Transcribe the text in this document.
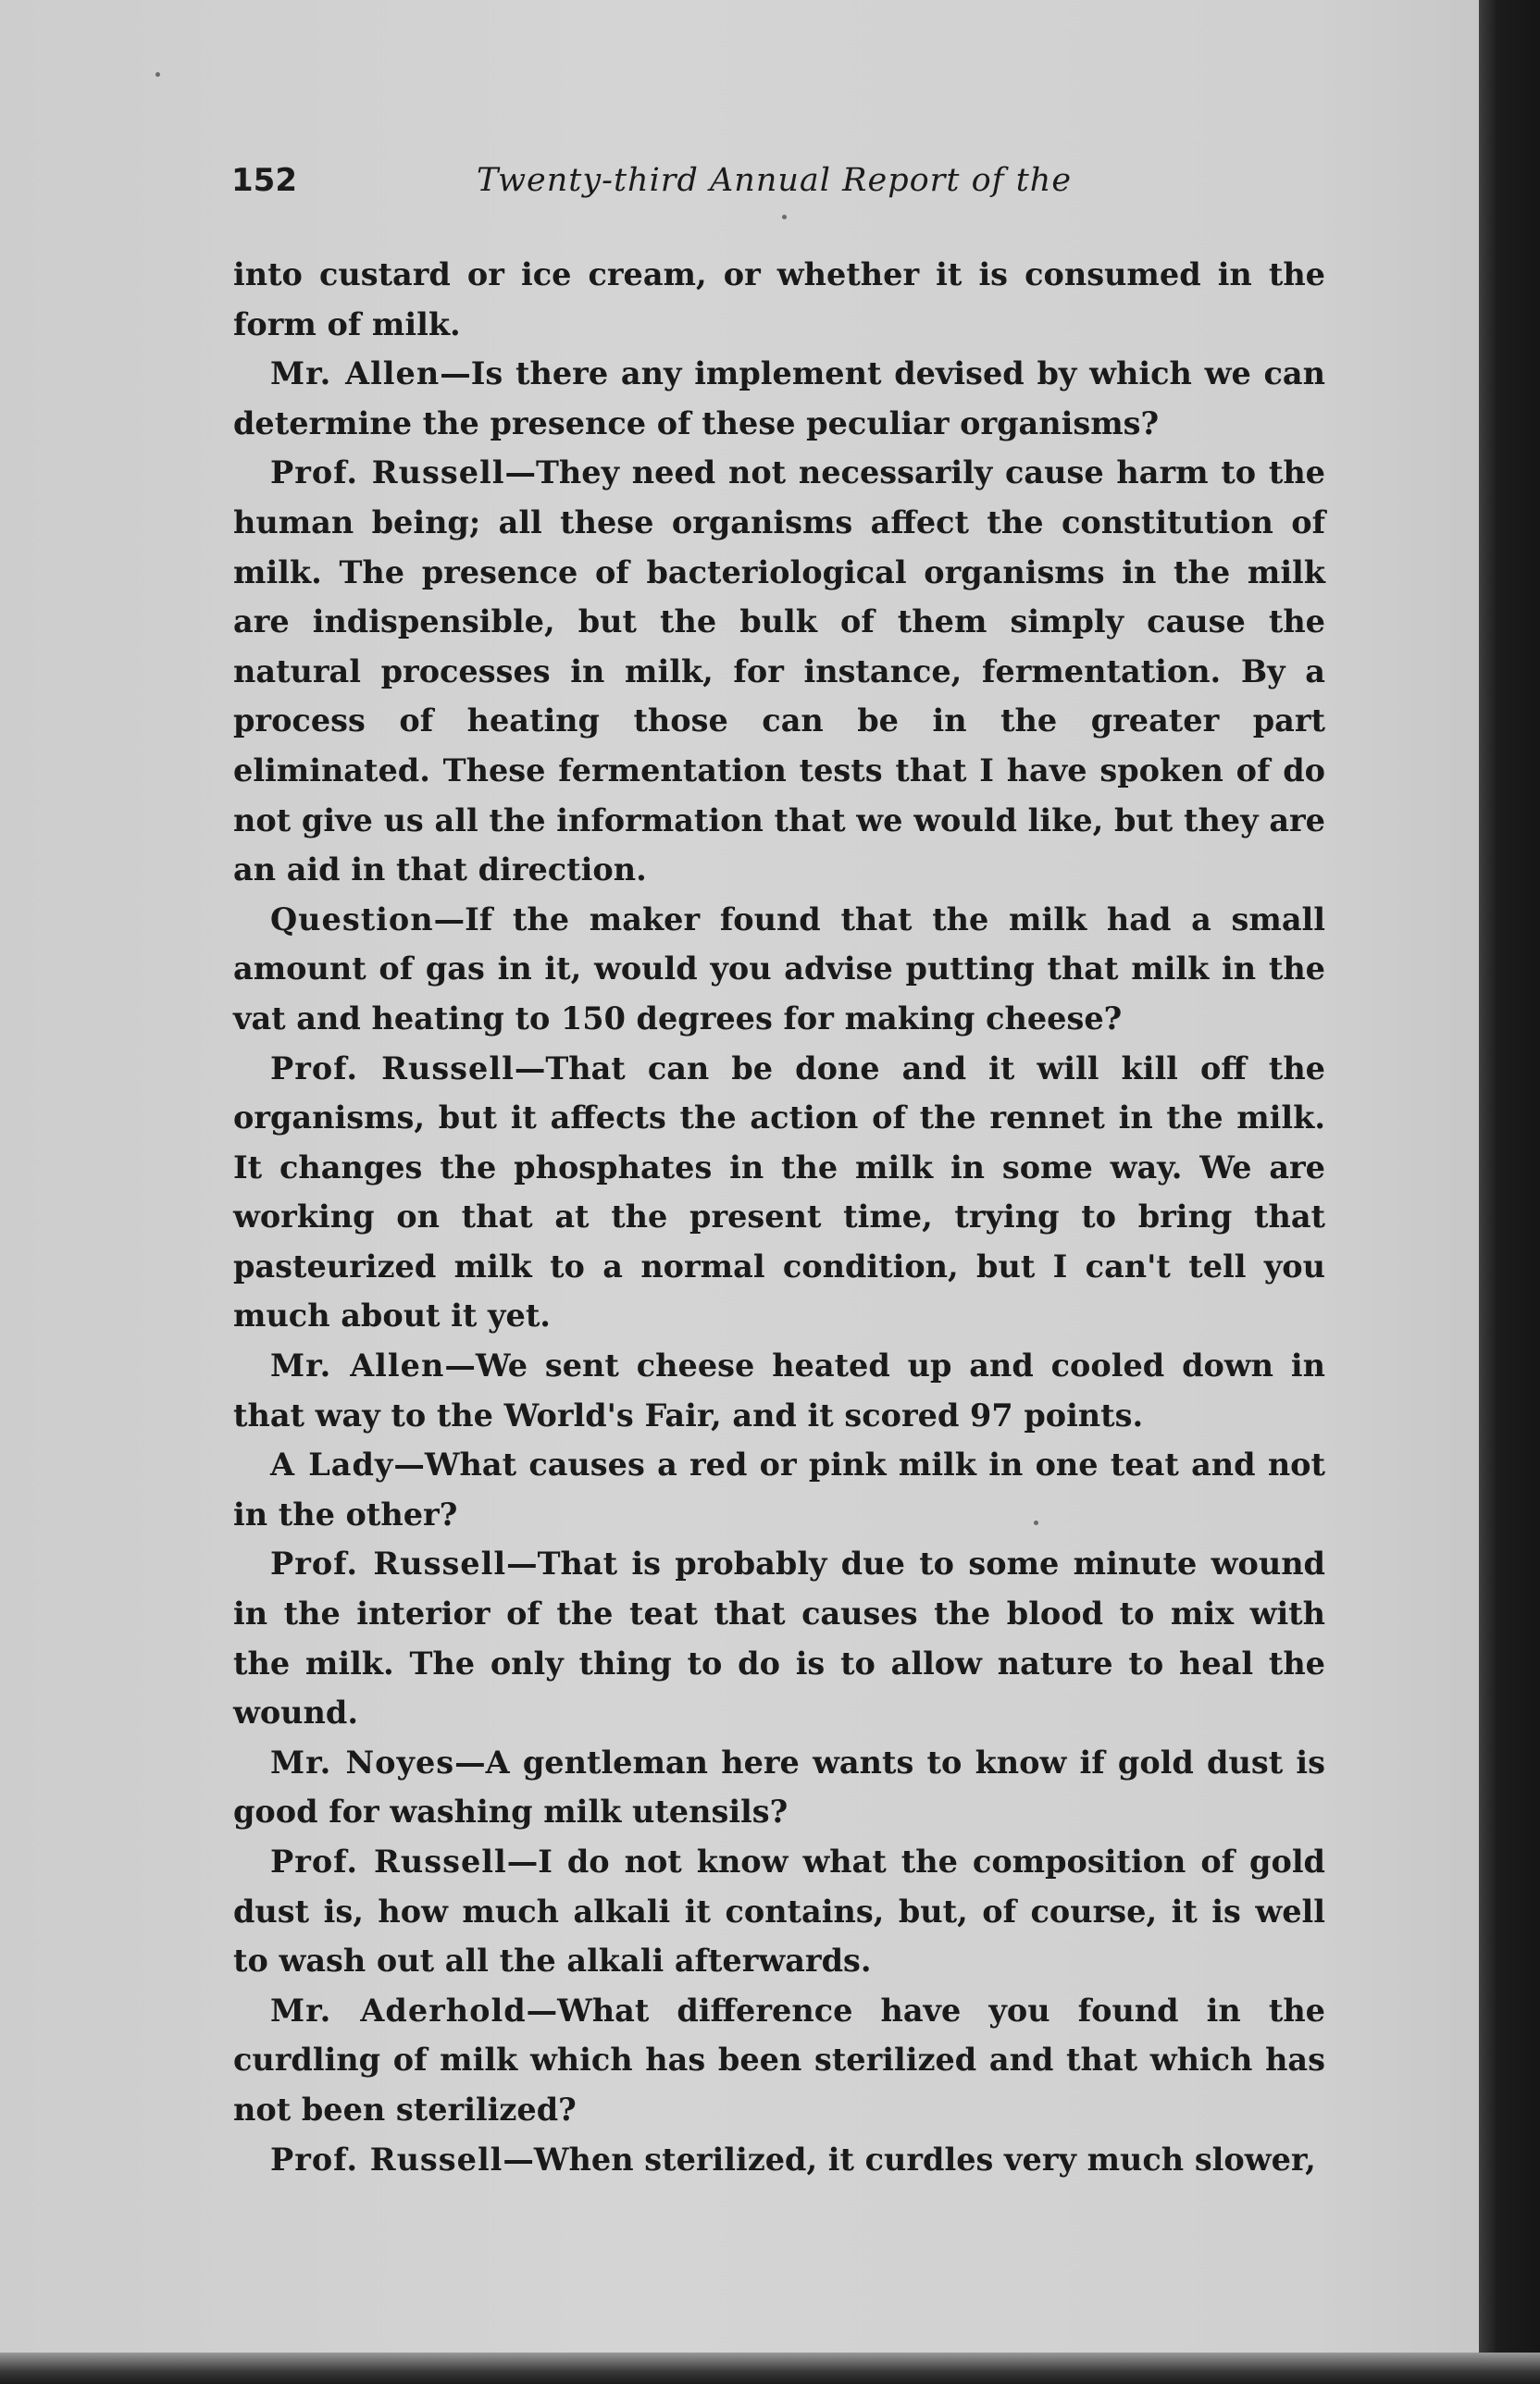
152	Twenty-third Annual Report of the

into custard or ice cream, or whether it is consumed in the form of milk.

Mr. Allen—Is there any implement devised by which we can determine the presence of these peculiar organisms?

Prof. Russell—They need not necessarily cause harm to the human being; all these organisms affect the constitution of milk. The presence of bacteriological organisms in the milk are indispensible, but the bulk of them simply cause the natural processes in milk, for instance, fermentation. By a process of heating those can be in the greater part eliminated. These fermentation tests that I have spoken of do not give us all the information that we would like, but they are an aid in that direction.

Question—If the maker found that the milk had a small amount of gas in it, would you advise putting that milk in the vat and heating to 150 degrees for making cheese?

Prof. Russell—That can be done and it will kill off the organisms, but it affects the action of the rennet in the milk. It changes the phosphates in the milk in some way. We are working on that at the present time, trying to bring that pasteurized milk to a normal condition, but I can't tell you much about it yet.

Mr. Allen—We sent cheese heated up and cooled down in that way to the World's Fair, and it scored 97 points.

A Lady—What causes a red or pink milk in one teat and not in the other?

Prof. Russell—That is probably due to some minute wound in the interior of the teat that causes the blood to mix with the milk. The only thing to do is to allow nature to heal the wound.

Mr. Noyes—A gentleman here wants to know if gold dust is good for washing milk utensils?

Prof. Russell—I do not know what the composition of gold dust is, how much alkali it contains, but, of course, it is well to wash out all the alkali afterwards.

Mr. Aderhold—What difference have you found in the curdling of milk which has been sterilized and that which has not been sterilized?

Prof. Russell—When sterilized, it curdles very much slower,
